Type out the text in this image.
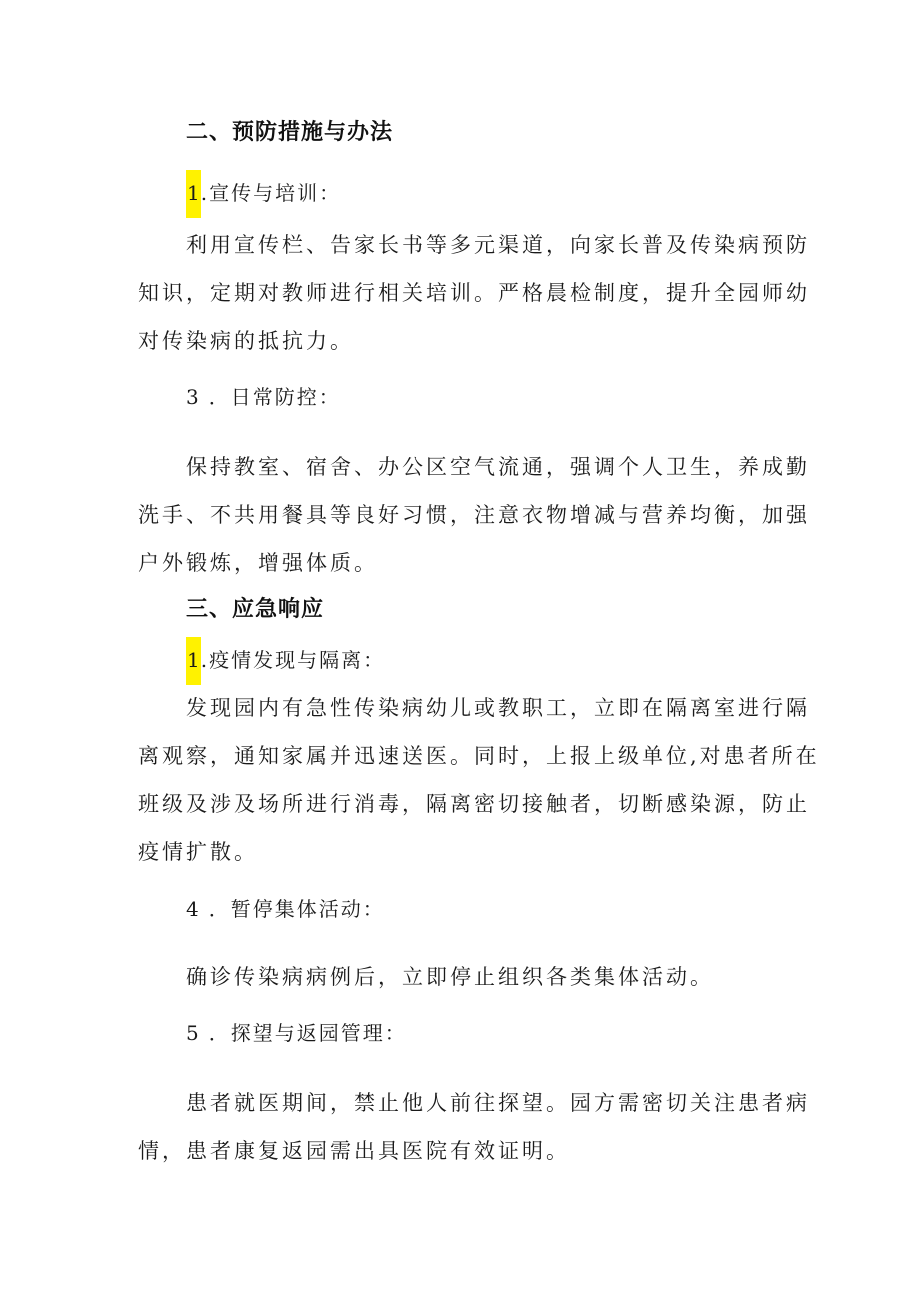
二、预防措施与办法
1.宣传与培训：
利用宣传栏、告家长书等多元渠道，向家长普及传染病预防
知识，定期对教师进行相关培训。严格晨检制度，提升全园师幼
对传染病的抵抗力。
3 ．日常防控：
保持教室、宿舍、办公区空气流通，强调个人卫生，养成勤
洗手、不共用餐具等良好习惯，注意衣物增减与营养均衡，加强
户外锻炼，增强体质。
三、应急响应
1.疫情发现与隔离：
发现园内有急性传染病幼儿或教职工，立即在隔离室进行隔
离观察，通知家属并迅速送医。同时，上报上级单位,对患者所在
班级及涉及场所进行消毒，隔离密切接触者，切断感染源，防止
疫情扩散。
4 ．暂停集体活动：
确诊传染病病例后，立即停止组织各类集体活动。
5 ．探望与返园管理：
患者就医期间，禁止他人前往探望。园方需密切关注患者病
情，患者康复返园需出具医院有效证明。
